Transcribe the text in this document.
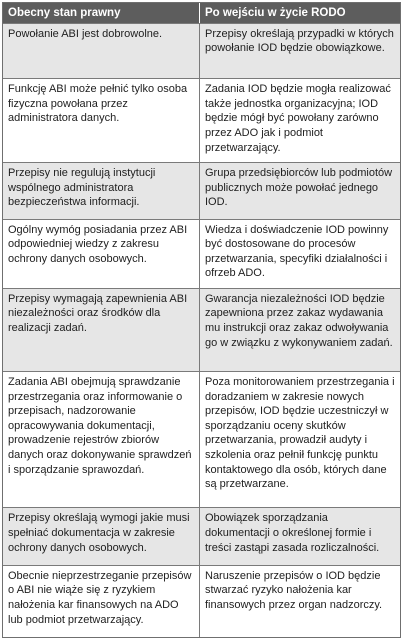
Obecny stan prawny	Po wejściu w życie RODO
Powołanie ABI jest dobrowolne.	Przepisy określają przypadki w których powołanie IOD będzie obowiązkowe.
Funkcję ABI może pełnić tylko osoba fizyczna powołana przez administratora danych.
Zadania IOD będzie mogła realizować także jednostka organizacyjna; IOD będzie mógł być powołany zarówno przez ADO jak i podmiot przetwarzający.
Przepisy nie regulują instytucji wspólnego administratora bezpieczeństwa informacji.
Grupa przedsiębiorców lub podmiotów publicznych może powołać jednego IOD.
Ogólny wymóg posiadania przez ABI odpowiedniej wiedzy z zakresu ochrony danych osobowych.
Wiedza i doświadczenie IOD powinny być dostosowane do procesów przetwarzania, specyfiki działalności i ofrzeb ADO.
Przepisy wymagają zapewnienia ABI niezależności oraz środków dla realizacji zadań.
Gwarancja niezależności IOD będzie zapewniona przez zakaz wydawania mu instrukcji oraz zakaz odwoływania go w związku z wykonywaniem zadań.
Zadania ABI obejmują sprawdzanie przestrzegania oraz informowanie o przepisach, nadzorowanie opracowywania dokumentacji, prowadzenie rejestrów zbiorów danych oraz dokonywanie sprawdzeń i sporządzanie sprawozdań.
Poza monitorowaniem przestrzegania i doradzaniem w zakresie nowych przepisów, IOD będzie uczestniczył w sporządzaniu oceny skutków przetwarzania, prowadził audyty i szkolenia oraz pełnił funkcję punktu kontaktowego dla osób, których dane są przetwarzane.
Przepisy określają wymogi jakie musi spełniać dokumentacja w zakresie ochrony danych osobowych.
Obowiązek sporządzania dokumentacji o określonej formie i treści zastąpi zasada rozliczalności.
Obecnie nieprzestrzeganie przepisów o ABI nie wiąże się z ryzykiem nałożenia kar finansowych na ADO lub podmiot przetwarzający.
Naruszenie przepisów o IOD będzie stwarzać ryzyko nałożenia kar finansowych przez organ nadzorczy.
